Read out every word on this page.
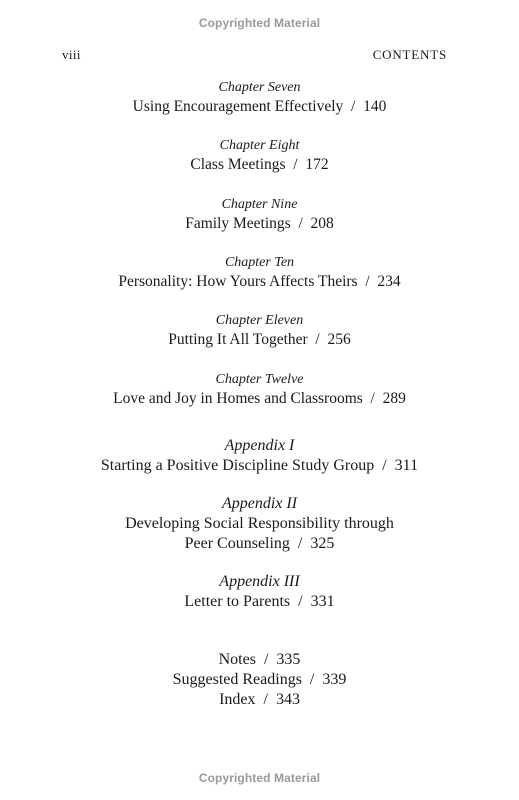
Copyrighted Material
viii	CONTENTS
Chapter Seven
Using Encouragement Effectively  /  140
Chapter Eight
Class Meetings  /  172
Chapter Nine
Family Meetings  /  208
Chapter Ten
Personality: How Yours Affects Theirs  /  234
Chapter Eleven
Putting It All Together  /  256
Chapter Twelve
Love and Joy in Homes and Classrooms  /  289
Appendix I
Starting a Positive Discipline Study Group  /  311
Appendix II
Developing Social Responsibility through
Peer Counseling  /  325
Appendix III
Letter to Parents  /  331
Notes  /  335
Suggested Readings  /  339
Index  /  343
Copyrighted Material
